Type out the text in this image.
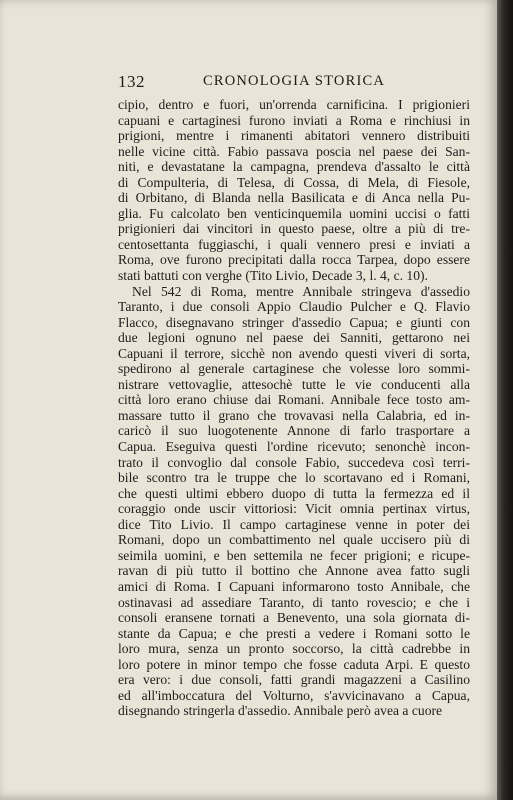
132	CRONOLOGIA STORICA
cipio, dentro e fuori, un'orrenda carnificina. I prigionieri
capuani e cartaginesi furono inviati a Roma e rinchiusi in
prigioni, mentre i rimanenti abitatori vennero distribuiti
nelle vicine città. Fabio passava poscia nel paese dei San-
niti, e devastatane la campagna, prendeva d'assalto le città
di Compulteria, di Telesa, di Cossa, di Mela, di Fiesole,
di Orbitano, di Blanda nella Basilicata e di Anca nella Pu-
glia. Fu calcolato ben venticinquemila uomini uccisi o fatti
prigionieri dai vincitori in questo paese, oltre a più di tre-
centosettanta fuggiaschi, i quali vennero presi e inviati a
Roma, ove furono precipitati dalla rocca Tarpea, dopo essere
stati battuti con verghe (Tito Livio, Decade 3, l. 4, c. 10).
Nel 542 di Roma, mentre Annibale stringeva d'assedio
Taranto, i due consoli Appio Claudio Pulcher e Q. Flavio
Flacco, disegnavano stringer d'assedio Capua; e giunti con
due legioni ognuno nel paese dei Sanniti, gettarono nei
Capuani il terrore, sicchè non avendo questi viveri di sorta,
spedirono al generale cartaginese che volesse loro sommi-
nistrare vettovaglie, attesochè tutte le vie conducenti alla
città loro erano chiuse dai Romani. Annibale fece tosto am-
massare tutto il grano che trovavasi nella Calabria, ed in-
caricò il suo luogotenente Annone di farlo trasportare a
Capua. Eseguiva questi l'ordine ricevuto; senonchè incon-
trato il convoglio dal console Fabio, succedeva così terri-
bile scontro tra le truppe che lo scortavano ed i Romani,
che questi ultimi ebbero duopo di tutta la fermezza ed il
coraggio onde uscir vittoriosi: Vicit omnia pertinax virtus,
dice Tito Livio. Il campo cartaginese venne in poter dei
Romani, dopo un combattimento nel quale uccisero più di
seimila uomini, e ben settemila ne fecer prigioni; e ricupe-
ravan di più tutto il bottino che Annone avea fatto sugli
amici di Roma. I Capuani informarono tosto Annibale, che
ostinavasi ad assediare Taranto, di tanto rovescio; e che i
consoli eransene tornati a Benevento, una sola giornata di-
stante da Capua; e che presti a vedere i Romani sotto le
loro mura, senza un pronto soccorso, la città cadrebbe in
loro potere in minor tempo che fosse caduta Arpi. E questo
era vero: i due consoli, fatti grandi magazzeni a Casilino
ed all'imboccatura del Volturno, s'avvicinavano a Capua,
disegnando stringerla d'assedio. Annibale però avea a cuore
